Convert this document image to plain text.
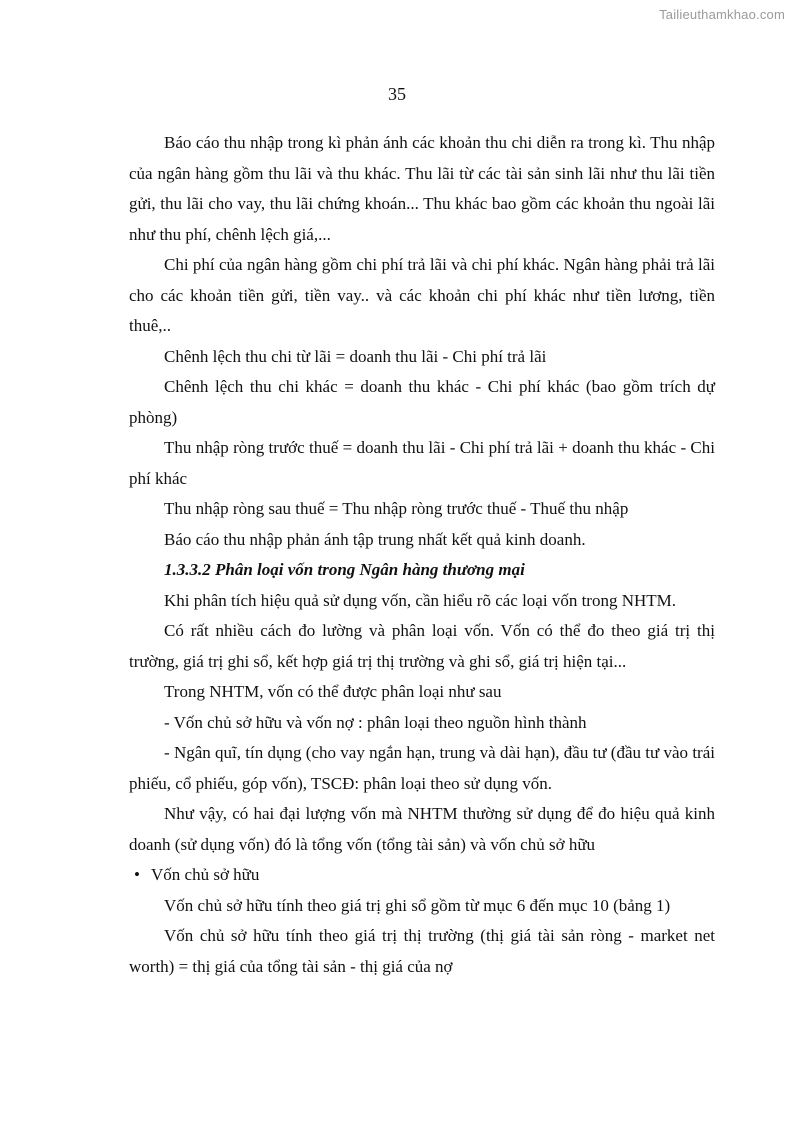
Tailieuthamkhao.com
35

Báo cáo thu nhập trong kì phản ánh các khoản thu chi diễn ra trong kì. Thu nhập của ngân hàng gồm thu lãi và thu khác. Thu lãi từ các tài sản sinh lãi như thu lãi tiền gửi, thu lãi cho vay, thu lãi chứng khoán... Thu khác bao gồm các khoản thu ngoài lãi như thu phí, chênh lệch giá,...

Chi phí của ngân hàng gồm chi phí trả lãi và chi phí khác. Ngân hàng phải trả lãi cho các khoản tiền gửi, tiền vay.. và các khoản chi phí khác như tiền lương, tiền thuê,..

Chênh lệch thu chi từ lãi = doanh thu lãi - Chi phí trả lãi

Chênh lệch thu chi khác = doanh thu khác - Chi phí khác (bao gồm trích dự phòng)

Thu nhập ròng trước thuế = doanh thu lãi - Chi phí trả lãi + doanh thu khác - Chi phí khác

Thu nhập ròng sau thuế = Thu nhập ròng trước thuế - Thuế thu nhập

Báo cáo thu nhập phản ánh tập trung nhất kết quả kinh doanh.

1.3.3.2 Phân loại vốn trong Ngân hàng thương mại

Khi phân tích hiệu quả sử dụng vốn, cần hiểu rõ các loại vốn trong NHTM.

Có rất nhiều cách đo lường và phân loại vốn. Vốn có thể đo theo giá trị thị trường, giá trị ghi sổ, kết hợp giá trị thị trường và ghi sổ, giá trị hiện tại...

Trong NHTM, vốn có thể được phân loại như sau

- Vốn chủ sở hữu và vốn nợ : phân loại theo nguồn hình thành

- Ngân quĩ, tín dụng (cho vay ngắn hạn, trung và dài hạn), đầu tư (đầu tư vào trái phiếu, cổ phiếu, góp vốn), TSCĐ: phân loại theo sử dụng vốn.

Như vậy, có hai đại lượng vốn mà NHTM thường sử dụng để đo hiệu quả kinh doanh (sử dụng vốn) đó là tổng vốn (tổng tài sản) và vốn chủ sở hữu

• Vốn chủ sở hữu

Vốn chủ sở hữu tính theo giá trị ghi sổ gồm từ mục 6 đến mục 10 (bảng 1)

Vốn chủ sở hữu tính theo giá trị thị trường (thị giá tài sản ròng - market net worth) = thị giá của tổng tài sản - thị giá của nợ
